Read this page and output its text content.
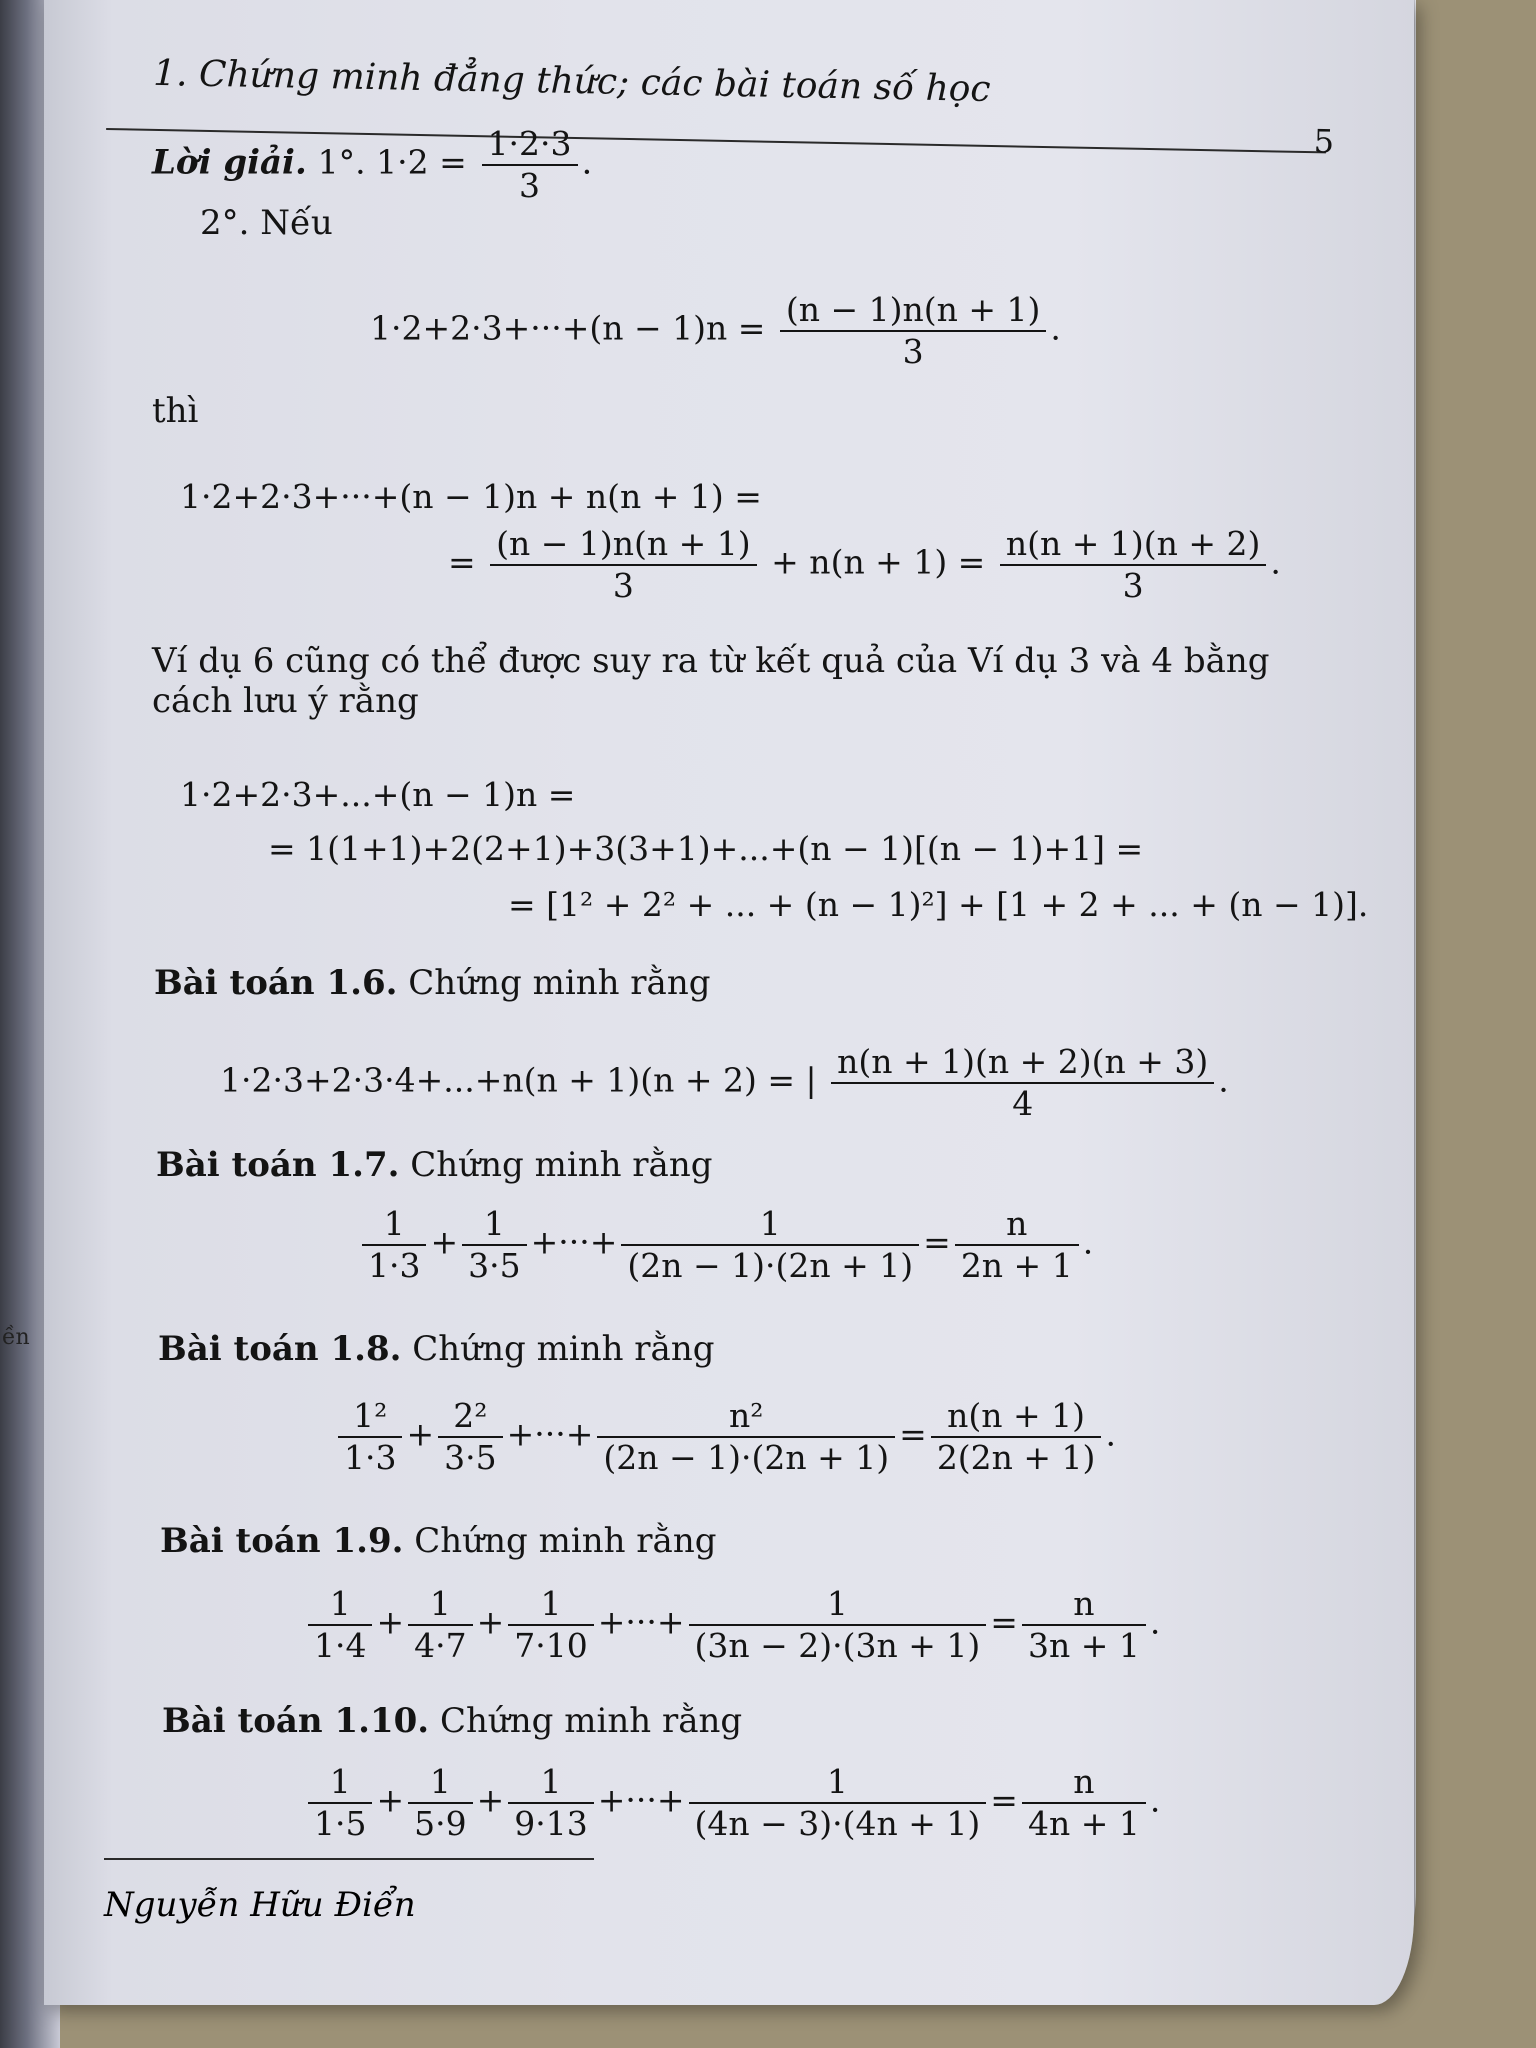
ền
1. Chứng minh đẳng thức; các bài toán số học
5
Lời giải. 1°. $1\cdot 2 = \frac{1\cdot 2\cdot 3}{3}$ .
2°. Nếu
$1\cdot 2+2\cdot 3+\cdot\cdot\cdot+(n - 1)n = \frac{(n - 1)n(n + 1)}{3}$ .
thì
1·2+2·3+···+(n − 1)n + n(n + 1) =
= $\frac{(n - 1)n(n + 1)}{3} + n(n + 1) = \frac{n(n + 1)(n + 2)}{3}$ .
Ví dụ 6 cũng có thể được suy ra từ kết quả của Ví dụ 3 và 4 bằng
cách lưu ý rằng
1·2+2·3+...+(n − 1)n =
= 1(1+1)+2(2+1)+3(3+1)+...+(n − 1)[(n − 1)+1] =
= [1² + 2² + ... + (n − 1)²] + [1 + 2 + ... + (n − 1)].
Bài toán 1.6. Chứng minh rằng
1·2·3+2·3·4+...+n(n + 1)(n + 2) = | $\frac{n(n + 1)(n + 2)(n + 3)}{4}$ .
Bài toán 1.7. Chứng minh rằng
$\frac{1}{1\cdot 3} + \frac{1}{3\cdot 5}$ +···+ $\frac{1}{(2n - 1)\cdot(2n + 1)} = \frac{n}{2n + 1}$ .
Bài toán 1.8. Chứng minh rằng
$\frac{\text{1²}}{1\cdot 3} + \frac{\text{2²}}{3\cdot 5}$ +···+ $\frac{\text{n²}}{(2n - 1)\cdot(2n + 1)} = \frac{n(n + 1)}{2(2n + 1)}$ .
Bài toán 1.9. Chứng minh rằng
$\frac{1}{1\cdot 4} + \frac{1}{4\cdot 7} + \frac{1}{7\cdot 10}$ +···+ $\frac{1}{(3n - 2)\cdot(3n + 1)} = \frac{n}{3n + 1}$ .
Bài toán 1.10. Chứng minh rằng
$\frac{1}{1\cdot 5} + \frac{1}{5\cdot 9} + \frac{1}{9\cdot 13}$ +···+ $\frac{1}{(4n - 3)\cdot(4n + 1)} = \frac{n}{4n + 1}$ .
Nguyễn Hữu Điển
